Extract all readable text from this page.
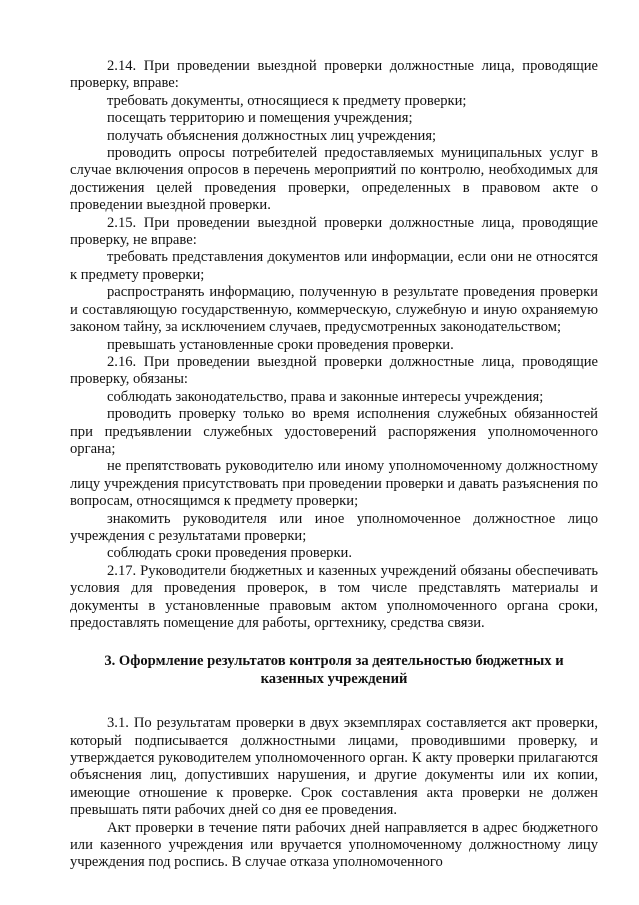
2.14. При проведении выездной проверки должностные лица, проводящие проверку, вправе:

требовать документы, относящиеся к предмету проверки;

посещать территорию и помещения учреждения;

получать объяснения должностных лиц учреждения;

проводить опросы потребителей предоставляемых муниципальных услуг в случае включения опросов в перечень мероприятий по контролю, необходимых для достижения целей проведения проверки, определенных в правовом акте о проведении выездной проверки.

2.15. При проведении выездной проверки должностные лица, проводящие проверку, не вправе:

требовать представления документов или информации, если они не относятся к предмету проверки;

распространять информацию, полученную в результате проведения проверки и составляющую государственную, коммерческую, служебную и иную охраняемую законом тайну, за исключением случаев, предусмотренных законодательством;

превышать установленные сроки проведения проверки.

2.16. При проведении выездной проверки должностные лица, проводящие проверку, обязаны:

соблюдать законодательство, права и законные интересы учреждения;

проводить проверку только во время исполнения служебных обязанностей при предъявлении служебных удостоверений распоряжения уполномоченного органа;

не препятствовать руководителю или иному уполномоченному должностному лицу учреждения присутствовать при проведении проверки и давать разъяснения по вопросам, относящимся к предмету проверки;

знакомить руководителя или иное уполномоченное должностное лицо учреждения с результатами проверки;

соблюдать сроки проведения проверки.

2.17. Руководители бюджетных и казенных учреждений обязаны обеспечивать условия для проведения проверок, в том числе представлять материалы и документы в установленные правовым актом уполномоченного органа сроки, предоставлять помещение для работы, оргтехнику, средства связи.

3. Оформление результатов контроля за деятельностью бюджетных и казенных учреждений

3.1. По результатам проверки в двух экземплярах составляется акт проверки, который подписывается должностными лицами, проводившими проверку, и утверждается руководителем уполномоченного орган. К акту проверки прилагаются объяснения лиц, допустивших нарушения, и другие документы или их копии, имеющие отношение к проверке. Срок составления акта проверки не должен превышать пяти рабочих дней со дня ее проведения.

Акт проверки в течение пяти рабочих дней направляется в адрес бюджетного или казенного учреждения или вручается уполномоченному должностному лицу учреждения под роспись. В случае отказа уполномоченного
